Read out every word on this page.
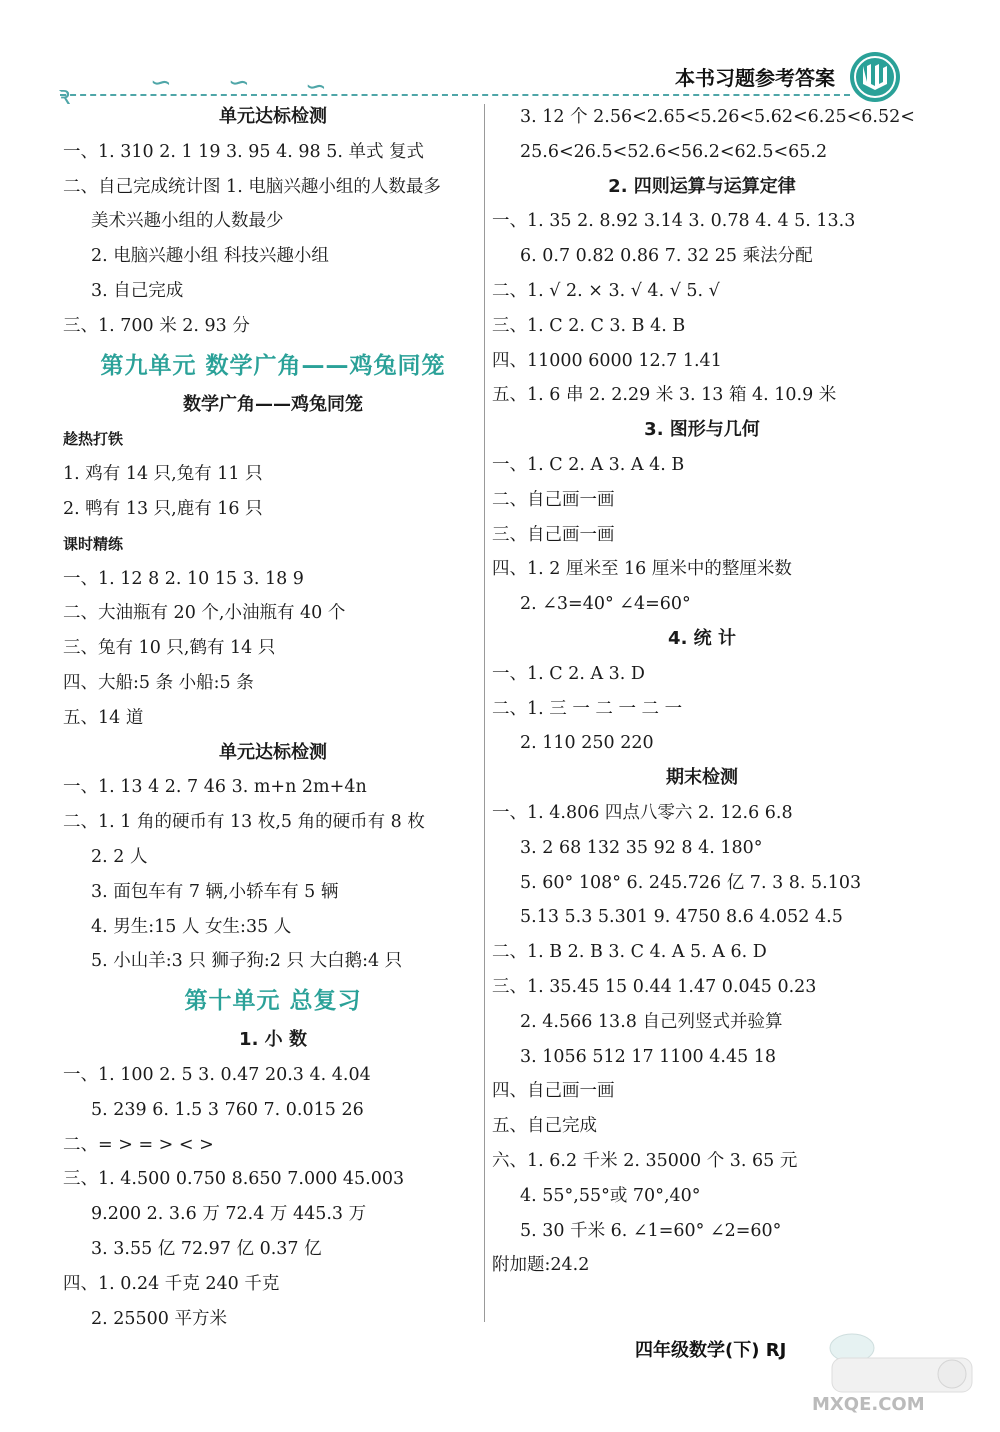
ꝛ	∽ ∽ ∽	本书习题参考答案
单元达标检测
一、1. 310 2. 1 19 3. 95 4. 98 5. 单式 复式
二、自己完成统计图 1. 电脑兴趣小组的人数最多
美术兴趣小组的人数最少
2. 电脑兴趣小组 科技兴趣小组
3. 自己完成
三、1. 700 米 2. 93 分
第九单元 数学广角——鸡兔同笼
数学广角——鸡兔同笼
趁热打铁
1. 鸡有 14 只,兔有 11 只
2. 鸭有 13 只,鹿有 16 只
课时精练
一、1. 12 8 2. 10 15 3. 18 9
二、大油瓶有 20 个,小油瓶有 40 个
三、兔有 10 只,鹤有 14 只
四、大船:5 条 小船:5 条
五、14 道
单元达标检测
一、1. 13 4 2. 7 46 3. m+n 2m+4n
二、1. 1 角的硬币有 13 枚,5 角的硬币有 8 枚
2. 2 人
3. 面包车有 7 辆,小轿车有 5 辆
4. 男生:15 人 女生:35 人
5. 小山羊:3 只 狮子狗:2 只 大白鹅:4 只
第十单元 总复习
1. 小 数
一、1. 100 2. 5 3. 0.47 20.3 4. 4.04
5. 239 6. 1.5 3 760 7. 0.015 26
二、= > = > < >
三、1. 4.500 0.750 8.650 7.000 45.003
9.200 2. 3.6 万 72.4 万 445.3 万
3. 3.55 亿 72.97 亿 0.37 亿
四、1. 0.24 千克 240 千克
2. 25500 平方米
3. 12 个 2.56<2.65<5.26<5.62<6.25<6.52<
25.6<26.5<52.6<56.2<62.5<65.2
2. 四则运算与运算定律
一、1. 35 2. 8.92 3.14 3. 0.78 4. 4 5. 13.3
6. 0.7 0.82 0.86 7. 32 25 乘法分配
二、1. √ 2. × 3. √ 4. √ 5. √
三、1. C 2. C 3. B 4. B
四、11000 6000 12.7 1.41
五、1. 6 串 2. 2.29 米 3. 13 箱 4. 10.9 米
3. 图形与几何
一、1. C 2. A 3. A 4. B
二、自己画一画
三、自己画一画
四、1. 2 厘米至 16 厘米中的整厘米数
2. ∠3=40° ∠4=60°
4. 统 计
一、1. C 2. A 3. D
二、1. 三 一 二 一 二 一
2. 110 250 220
期末检测
一、1. 4.806 四点八零六 2. 12.6 6.8
3. 2 68 132 35 92 8 4. 180°
5. 60° 108° 6. 245.726 亿 7. 3 8. 5.103
5.13 5.3 5.301 9. 4750 8.6 4.052 4.5
二、1. B 2. B 3. C 4. A 5. A 6. D
三、1. 35.45 15 0.44 1.47 0.045 0.23
2. 4.566 13.8 自己列竖式并验算
3. 1056 512 17 1100 4.45 18
四、自己画一画
五、自己完成
六、1. 6.2 千米 2. 35000 个 3. 65 元
4. 55°,55°或 70°,40°
5. 30 千米 6. ∠1=60° ∠2=60°
附加题:24.2
四年级数学(下) RJ
MXQE.COM
